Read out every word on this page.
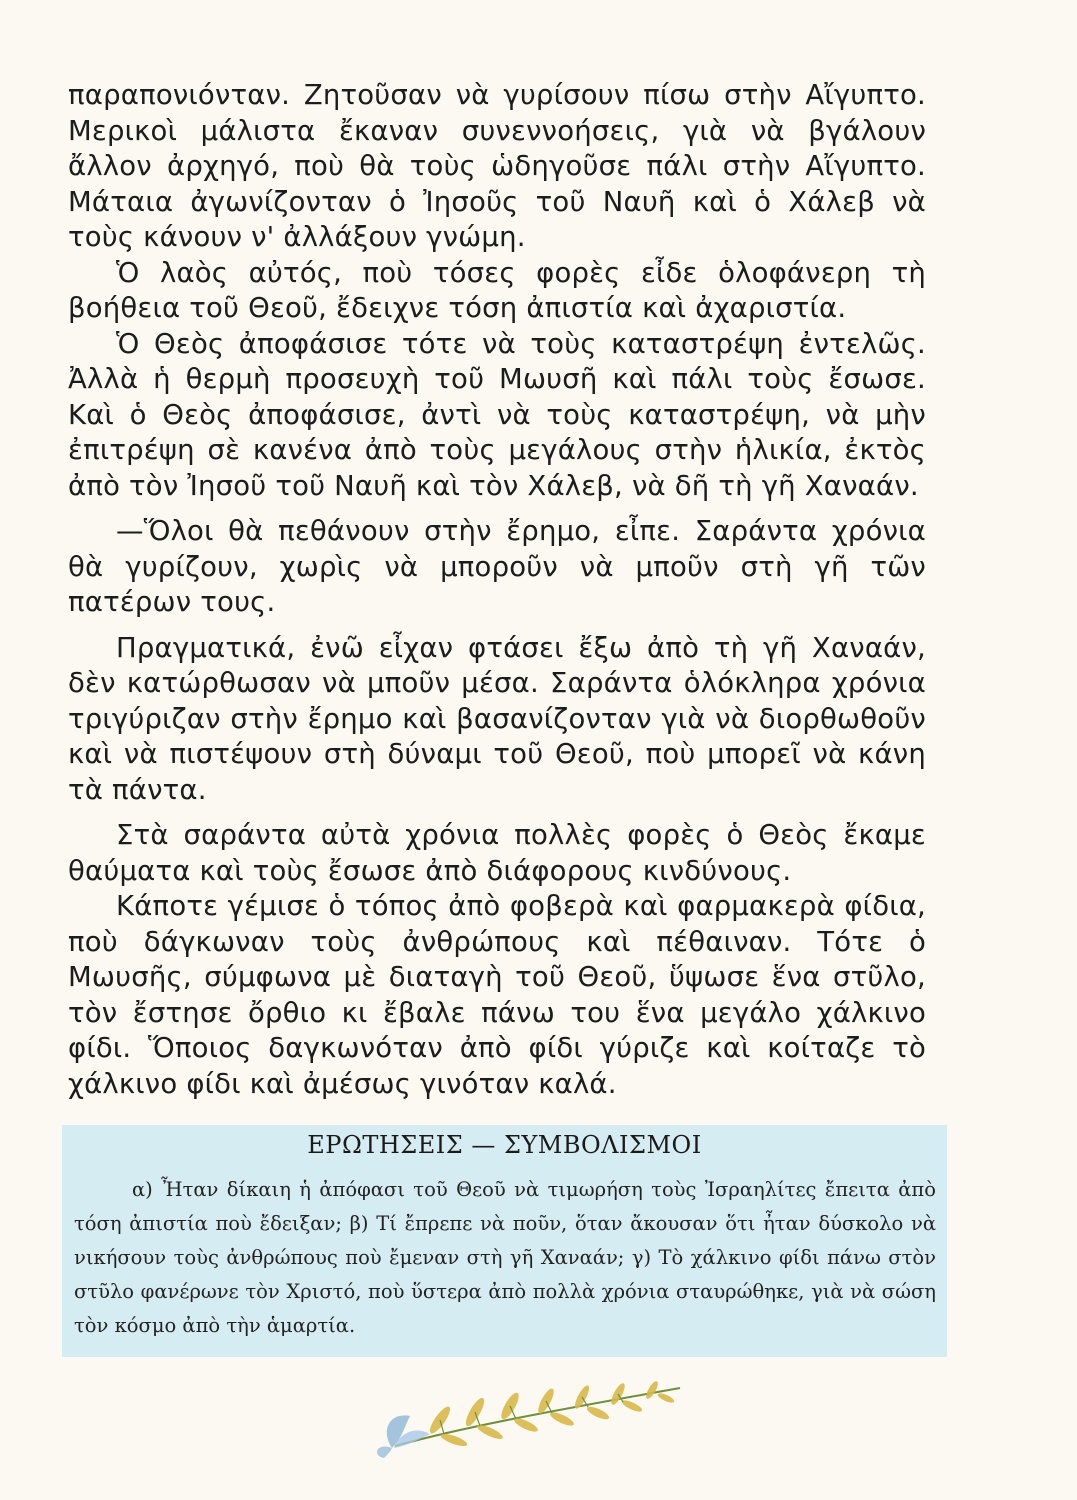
παραπονιόνταν. Ζητοῦσαν νὰ γυρίσουν πίσω στὴν Αἴγυπτο. Μερικοὶ μάλιστα ἔκαναν συνεννοήσεις, γιὰ νὰ βγάλουν ἄλλον ἀρχηγό, ποὺ θὰ τοὺς ὡδηγοῦσε πάλι στὴν Αἴγυπτο. Μάταια ἀγωνίζονταν ὁ Ἰησοῦς τοῦ Ναυῆ καὶ ὁ Χάλεβ νὰ τοὺς κάνουν ν' ἀλλάξουν γνώμη.

Ὁ λαὸς αὐτός, ποὺ τόσες φορὲς εἶδε ὁλοφάνερη τὴ βοήθεια τοῦ Θεοῦ, ἔδειχνε τόση ἀπιστία καὶ ἀχαριστία.

Ὁ Θεὸς ἀποφάσισε τότε νὰ τοὺς καταστρέψη ἐντελῶς. Ἀλλὰ ἡ θερμὴ προσευχὴ τοῦ Μωυσῆ καὶ πάλι τοὺς ἔσωσε. Καὶ ὁ Θεὸς ἀποφάσισε, ἀντὶ νὰ τοὺς καταστρέψη, νὰ μὴν ἐπιτρέψη σὲ κανένα ἀπὸ τοὺς μεγάλους στὴν ἡλικία, ἐκτὸς ἀπὸ τὸν Ἰησοῦ τοῦ Ναυῆ καὶ τὸν Χάλεβ, νὰ δῆ τὴ γῆ Χαναάν.

—Ὅλοι θὰ πεθάνουν στὴν ἔρημο, εἶπε. Σαράντα χρόνια θὰ γυρίζουν, χωρὶς νὰ μποροῦν νὰ μποῦν στὴ γῆ τῶν πατέρων τους.

Πραγματικά, ἐνῶ εἶχαν φτάσει ἔξω ἀπὸ τὴ γῆ Χαναάν, δὲν κατώρθωσαν νὰ μποῦν μέσα. Σαράντα ὁλόκληρα χρόνια τριγύριζαν στὴν ἔρημο καὶ βασανίζονταν γιὰ νὰ διορθωθοῦν καὶ νὰ πιστέψουν στὴ δύναμι τοῦ Θεοῦ, ποὺ μπορεῖ νὰ κάνη τὰ πάντα.

Στὰ σαράντα αὐτὰ χρόνια πολλὲς φορὲς ὁ Θεὸς ἔκαμε θαύματα καὶ τοὺς ἔσωσε ἀπὸ διάφορους κινδύνους.

Κάποτε γέμισε ὁ τόπος ἀπὸ φοβερὰ καὶ φαρμακερὰ φίδια, ποὺ δάγκωναν τοὺς ἀνθρώπους καὶ πέθαιναν. Τότε ὁ Μωυσῆς, σύμφωνα μὲ διαταγὴ τοῦ Θεοῦ, ὕψωσε ἕνα στῦλο, τὸν ἔστησε ὄρθιο κι ἔβαλε πάνω του ἕνα μεγάλο χάλκινο φίδι. Ὅποιος δαγκωνόταν ἀπὸ φίδι γύριζε καὶ κοίταζε τὸ χάλκινο φίδι καὶ ἀμέσως γινόταν καλά.

ΕΡΩΤΗΣΕΙΣ — ΣΥΜΒΟΛΙΣΜΟΙ

α) Ἦταν δίκαιη ἡ ἀπόφασι τοῦ Θεοῦ νὰ τιμωρήση τοὺς Ἰσραηλίτες ἔπειτα ἀπὸ τόση ἀπιστία ποὺ ἔδειξαν; β) Τί ἔπρεπε νὰ ποῦν, ὅταν ἄκουσαν ὅτι ἦταν δύσκολο νὰ νικήσουν τοὺς ἀνθρώπους ποὺ ἔμεναν στὴ γῆ Χαναάν; γ) Τὸ χάλκινο φίδι πάνω στὸν στῦλο φανέρωνε τὸν Χριστό, ποὺ ὕστερα ἀπὸ πολλὰ χρόνια σταυρώθηκε, γιὰ νὰ σώση τὸν κόσμο ἀπὸ τὴν ἁμαρτία.
